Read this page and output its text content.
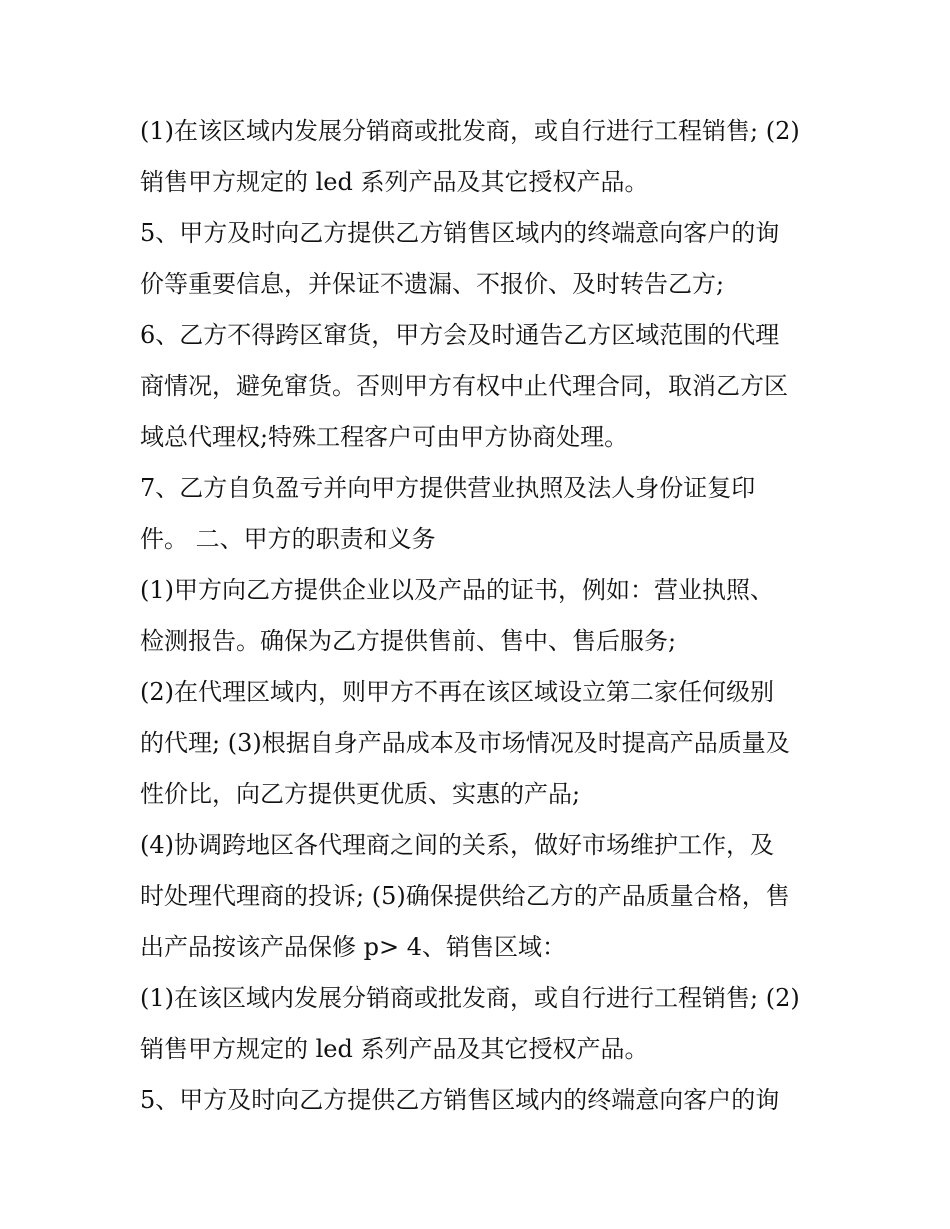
(1)在该区域内发展分销商或批发商，或自行进行工程销售; (2)
销售甲方规定的 led 系列产品及其它授权产品。
5、甲方及时向乙方提供乙方销售区域内的终端意向客户的询
价等重要信息，并保证不遗漏、不报价、及时转告乙方;
6、乙方不得跨区窜货，甲方会及时通告乙方区域范围的代理
商情况，避免窜货。否则甲方有权中止代理合同，取消乙方区
域总代理权;特殊工程客户可由甲方协商处理。
7、乙方自负盈亏并向甲方提供营业执照及法人身份证复印
件。 二、甲方的职责和义务
(1)甲方向乙方提供企业以及产品的证书，例如：营业执照、
检测报告。确保为乙方提供售前、售中、售后服务;
(2)在代理区域内，则甲方不再在该区域设立第二家任何级别
的代理; (3)根据自身产品成本及市场情况及时提高产品质量及
性价比，向乙方提供更优质、实惠的产品;
(4)协调跨地区各代理商之间的关系，做好市场维护工作，及
时处理代理商的投诉; (5)确保提供给乙方的产品质量合格，售
出产品按该产品保修 p> 4、销售区域：
(1)在该区域内发展分销商或批发商，或自行进行工程销售; (2)
销售甲方规定的 led 系列产品及其它授权产品。
5、甲方及时向乙方提供乙方销售区域内的终端意向客户的询
